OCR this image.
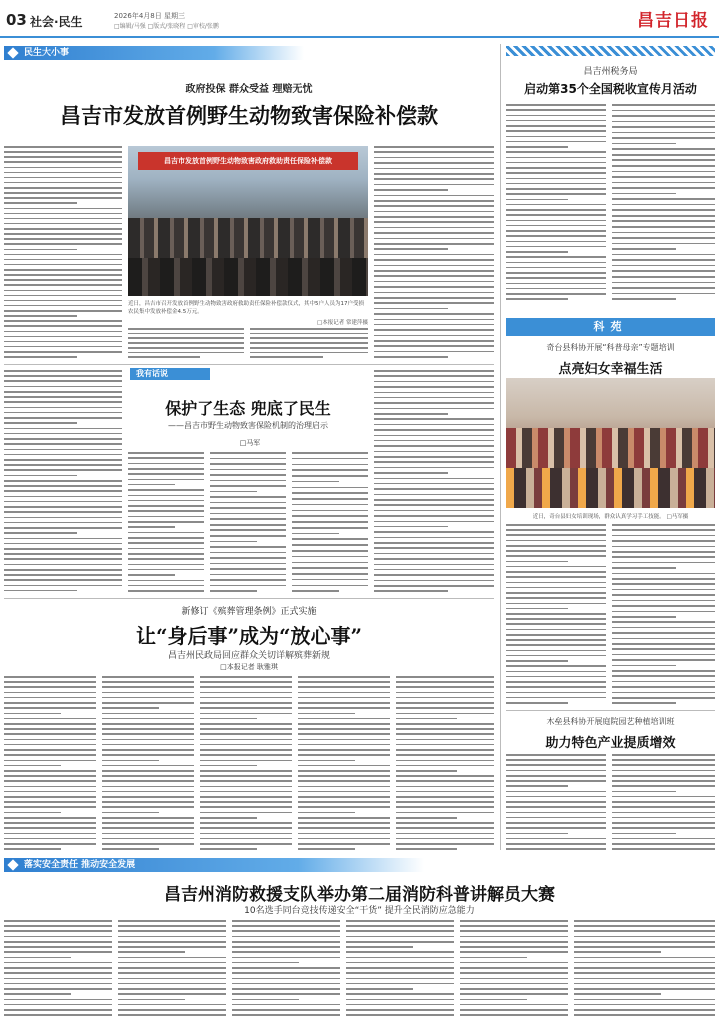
03 社会·民生	2026年4月8日 星期三
□编辑/马强 □版式/张晓程 □审校/张鹏	昌吉日报
民生大小事
政府投保 群众受益 理赔无忧
昌吉市发放首例野生动物致害保险补偿款
昌吉市发放首例野生动物致害政府救助责任保险补偿款
近日，昌吉市召开发放首例野生动物致害政府救助责任保险补偿款仪式，其中5户人员为17户受损农民集中发放补偿金4.5万元。
□本报记者 常建萍摄
我有话说
保护了生态 兜底了民生
——昌吉市野生动物致害保险机制的治理启示
□马军
新修订《殡葬管理条例》正式实施
让“身后事”成为“放心事”
昌吉州民政局回应群众关切详解殡葬新规
□本报记者 耿雅琪
昌吉州税务局
启动第35个全国税收宣传月活动
科苑
奇台县科协开展“科普母亲”专题培训
点亮妇女幸福生活
近日，奇台县妇女培训现场，群众认真学习手工技能。 □马军摄
木垒县科协开展庭院园艺种植培训班
助力特色产业提质增效
落实安全责任 推动安全发展
昌吉州消防救援支队举办第二届消防科普讲解员大赛
10名选手同台竞技传递安全“干货” 提升全民消防应急能力
